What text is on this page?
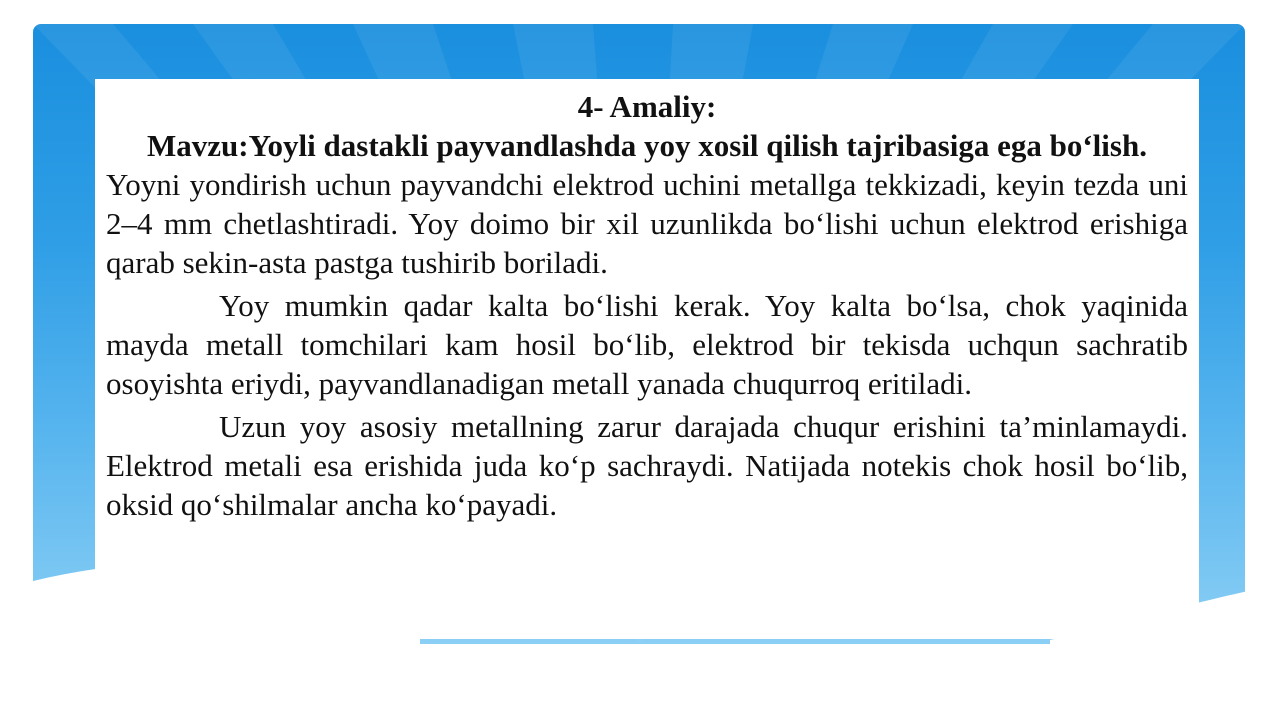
4- Amaliy:

Mavzu:Yoyli dastakli payvandlashda yoy xosil qilish tajribasiga ega bo‘lish.

Yoyni yondirish uchun payvandchi elektrod uchini metallga tekkizadi, keyin tezda uni 2–4 mm chetlashtiradi. Yoy doimo bir xil uzunlikda bo‘lishi uchun elektrod erishiga qarab sekin-asta pastga tushirib boriladi.

Yoy mumkin qadar kalta bo‘lishi kerak. Yoy kalta bo‘lsa, chok yaqinida mayda metall tomchilari kam hosil bo‘lib, elektrod bir tekisda uchqun sachratib osoyishta eriydi, payvandlanadigan metall yanada chuqurroq eritiladi.

Uzun yoy asosiy metallning zarur darajada chuqur erishini ta’minlamaydi. Elektrod metali esa erishida juda ko‘p sachraydi. Natijada notekis chok hosil bo‘lib, oksid qo‘shilmalar ancha ko‘payadi.
